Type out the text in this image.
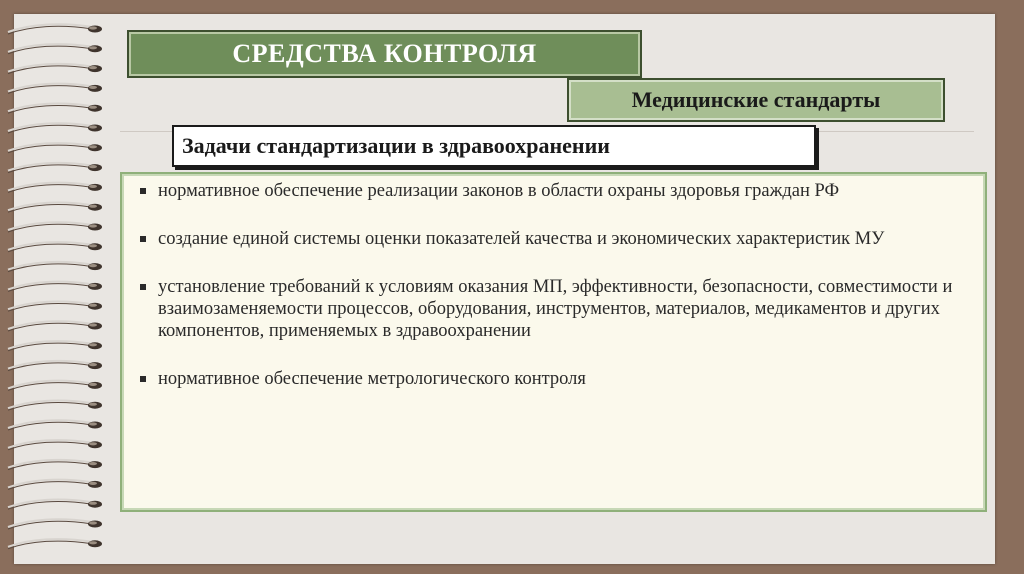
СРЕДСТВА КОНТРОЛЯ
Медицинские стандарты
Задачи стандартизации в здравоохранении
нормативное обеспечение реализации законов в области охраны здоровья граждан РФ
создание единой системы оценки показателей качества и экономических характеристик МУ
установление требований к условиям оказания МП, эффективности, безопасности, совместимости и взаимозаменяемости процессов, оборудования, инструментов, материалов, медикаментов и других компонентов, применяемых в здравоохранении
нормативное обеспечение метрологического контроля
